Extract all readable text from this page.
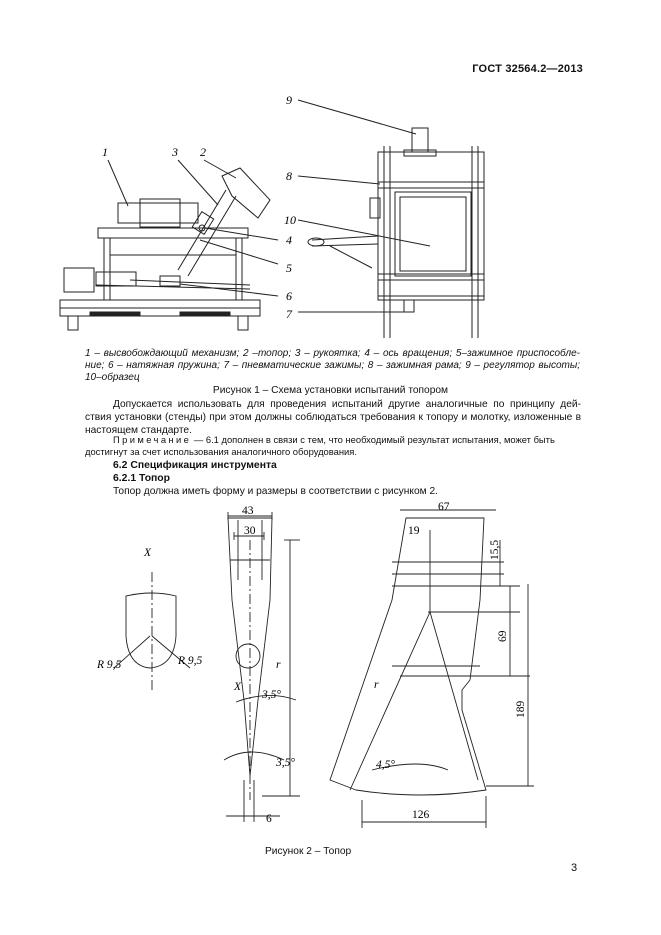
ГОСТ 32564.2—2013
1	2
3
4
5
6
7
8
9
10
1 – высвобождающий механизм; 2 –топор; 3 – рукоятка; 4 – ось вращения; 5–зажимное приспособле-ние; 6 – натяжная пружина; 7 – пневматические зажимы; 8 – зажимная рама; 9 – регулятор высоты; 10–образец
Рисунок 1 – Схема установки испытаний топором
Допускается использовать для проведения испытаний другие аналогичные по принципу дей-ствия установки (стенды) при этом должны соблюдаться требования к топору и молотку, изложенные в настоящем стандарте.
Примечание — 6.1 дополнен в связи с тем, что необходимый результат испытания, может быть достигнут за счет использования аналогичного оборудования.
6.2 Спецификация инструмента
6.2.1 Топор
Топор должна иметь форму и размеры в соответствии с рисунком 2.
X
R 9,5	R 9,5
X
43
30
3,5°
3,5°
r
6
67
19
15,5
69
189
r
4,5°
126
Рисунок 2 – Топор
3
